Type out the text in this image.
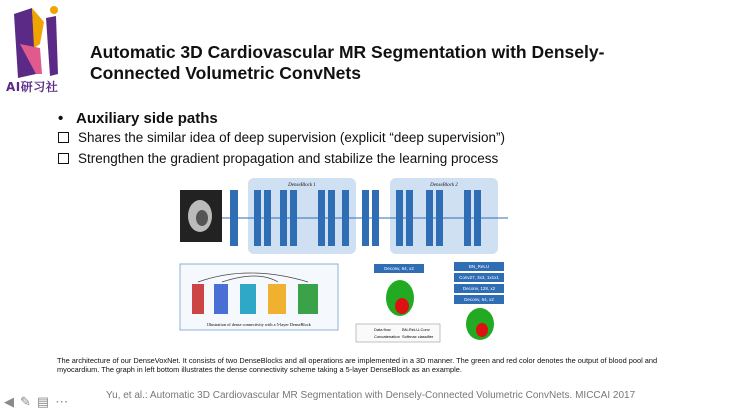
AI研习社
Automatic 3D Cardiovascular MR Segmentation with Densely-
Connected Volumetric ConvNets
• Auxiliary side paths
Shares the similar idea of deep supervision (explicit “deep supervision”)
Strengthen the gradient propagation and stabilize the learning process
DenseBlock 1	DenseBlock 2
Deconv, 64, x2	BN_ReLU
Conv27, 3x3, 1x1x1
Deconv, 128, x2
Deconv, 64, x2
Illustration of dense connectivity with a 5-layer DenseBlock
Data flow	BN-ReLU-Conv
Concatenation Softmax classifier
The architecture of our DenseVoxNet. It consists of two DenseBlocks and all operations are implemented in a 3D manner. The green and red color denotes the output of blood pool and myocardium. The graph in left bottom illustrates the dense connectivity scheme taking a 5-layer DenseBlock as an example.
Yu, et al.: Automatic 3D Cardiovascular MR Segmentation with Densely-Connected Volumetric ConvNets. MICCAI 2017
◀ ✎ ▤ ⋯
